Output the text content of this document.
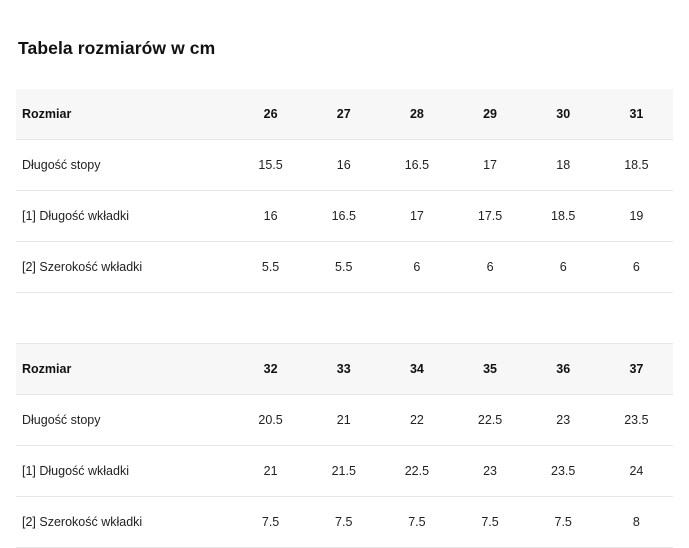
Tabela rozmiarów w cm
Rozmiar	26	27	28	29	30	31
Długość stopy	15.5	16	16.5	17	18	18.5
[1] Długość wkładki	16	16.5	17	17.5	18.5	19
[2] Szerokość wkładki	5.5	5.5	6	6	6	6

Rozmiar	32	33	34	35	36	37
Długość stopy	20.5	21	22	22.5	23	23.5
[1] Długość wkładki	21	21.5	22.5	23	23.5	24
[2] Szerokość wkładki	7.5	7.5	7.5	7.5	7.5	8
